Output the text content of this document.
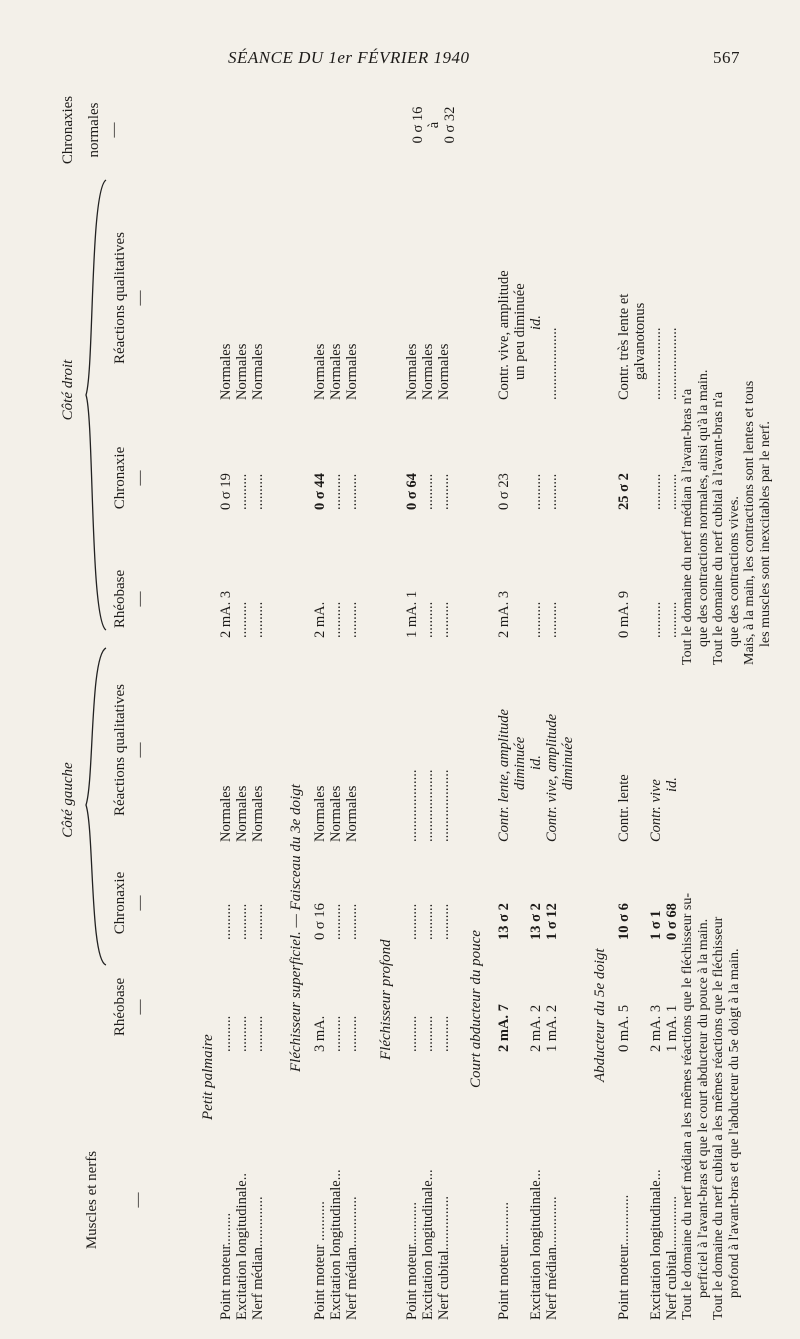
SÉANCE DU 1er FÉVRIER 1940	567
Côté gauche
Côté droit
Muscles et nerfs —
Rhéobase —
Chronaxie —
Réactions qualitatives —
Rhéobase —
Chronaxie —
Réactions qualitatives —
Chronaxies normales —
Petit palmaire
Point moteur......... Excitation longitudinale.. Nerf médian..............
.......... .......... ..........
.......... .......... ..........
Normales Normales Normales
2 mA. 3 .......... ..........
0 σ 19 .......... ..........
Normales Normales Normales
Fléchisseur superficiel. — Faisceau du 3e doigt
Point moteur ........... Excitation longitudinale... Nerf médian..............
3 mA. .......... ..........
0 σ 16 .......... ..........
Normales Normales Normales
2 mA. .......... ..........
0 σ 44 .......... ..........
Normales Normales Normales
Fléchisseur profond
Point moteur............ Excitation longitudinale... Nerf cubital...............
.......... .......... ..........
.......... .......... ..........
.................... .................... ....................
1 mA. 1 .......... ..........
0 σ 64 .......... ..........
Normales Normales Normales
Court abducteur du pouce
Point moteur............
2 mA. 7
13 σ 2
Contr. lente, amplitude diminuée
2 mA. 3
0 σ 23
Contr. vive, amplitude un peu diminuée
Excitation longitudinale...
2 mA. 2
13 σ 2
id.
..........
..........
id.
Nerf médian..............
1 mA. 2
1 σ 12
Contr. vive, amplitude diminuée
..........
..........
....................
Abducteur du 5e doigt
Point moteur..............
0 mA. 5
10 σ 6
Contr. lente
0 mA. 9
25 σ 2
Contr. très lente et galvanotonus
Excitation longitudinale... Nerf cubital...............
2 mA. 3 1 mA. 1
1 σ 1 0 σ 68
Contr. vive id.
.......... ..........
.......... ..........
.................... ....................
0 σ 16 à 0 σ 32
Tout le domaine du nerf médian a les mêmes réactions que le fléchisseur su- perficiel à l'avant-bras et que le court abducteur du pouce à la main. Tout le domaine du nerf cubital a les mêmes réactions que le fléchisseur profond à l'avant-bras et que l'abducteur du 5e doigt à la main.
Tout le domaine du nerf médian à l'avant-bras n'a que des contractions normales, ainsi qu'à la main. Tout le domaine du nerf cubital à l'avant-bras n'a que des contractions vives. Mais, à la main, les contractions sont lentes et tous les muscles sont inexcitables par le nerf.
